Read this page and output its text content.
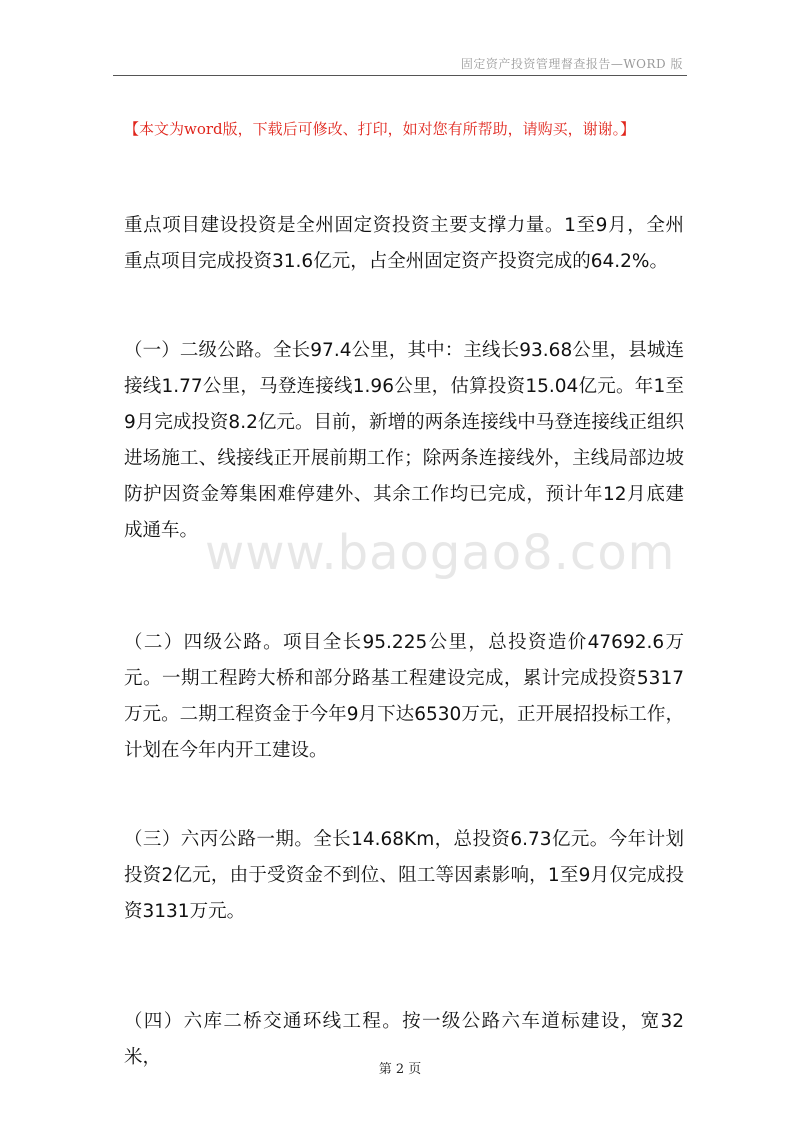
固定资产投资管理督查报告—WORD 版
【本文为word版，下载后可修改、打印，如对您有所帮助，请购买，谢谢。】

重点项目建设投资是全州固定资投资主要支撑力量。1至9月，全州重点项目完成投资31.6亿元，占全州固定资产投资完成的64.2%。

（一）二级公路。全长97.4公里，其中：主线长93.68公里，县城连接线1.77公里，马登连接线1.96公里，估算投资15.04亿元。年1至9月完成投资8.2亿元。目前，新增的两条连接线中马登连接线正组织进场施工、线接线正开展前期工作；除两条连接线外，主线局部边坡防护因资金筹集困难停建外、其余工作均已完成，预计年12月底建成通车。

（二）四级公路。项目全长95.225公里，总投资造价47692.6万元。一期工程跨大桥和部分路基工程建设完成，累计完成投资5317万元。二期工程资金于今年9月下达6530万元，正开展招投标工作，计划在今年内开工建设。

（三）六丙公路一期。全长14.68Km，总投资6.73亿元。今年计划投资2亿元，由于受资金不到位、阻工等因素影响，1至9月仅完成投资3131万元。

（四）六库二桥交通环线工程。按一级公路六车道标建设，宽32米，

www.baogao8.com
第 2 页
